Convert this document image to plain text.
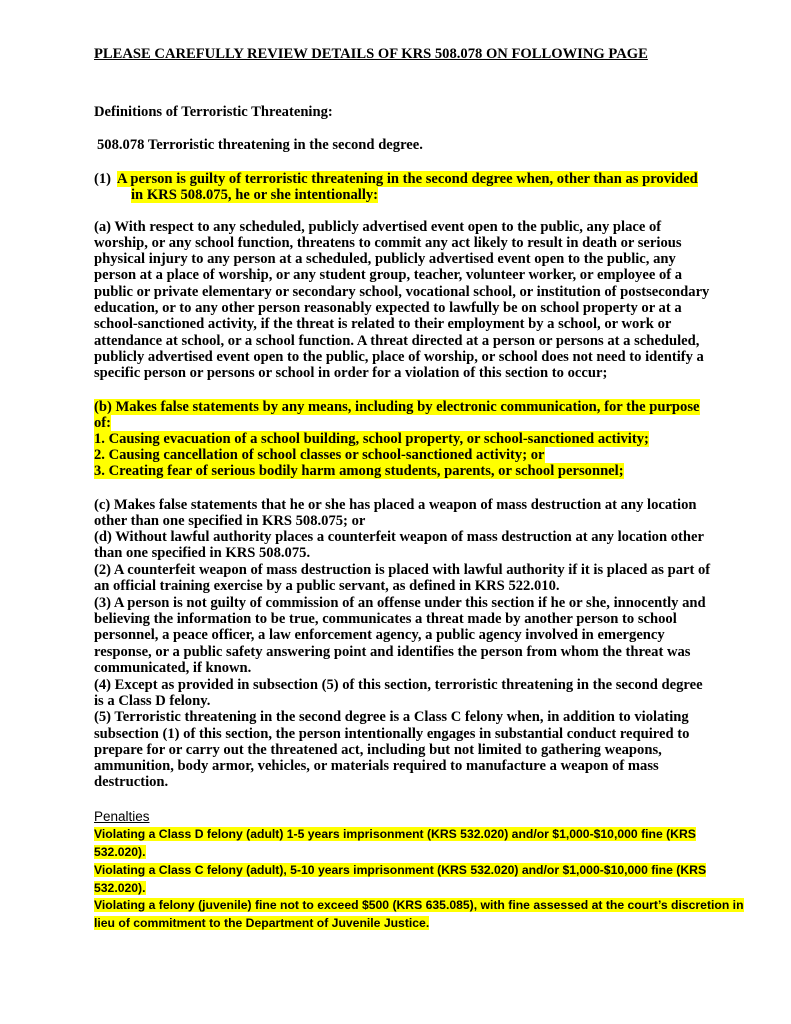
PLEASE CAREFULLY REVIEW DETAILS OF KRS 508.078 ON FOLLOWING PAGE
Definitions of Terroristic Threatening:
508.078 Terroristic threatening in the second degree.
(1) A person is guilty of terroristic threatening in the second degree when, other than as provided
in KRS 508.075, he or she intentionally:
(a) With respect to any scheduled, publicly advertised event open to the public, any place of
worship, or any school function, threatens to commit any act likely to result in death or serious
physical injury to any person at a scheduled, publicly advertised event open to the public, any
person at a place of worship, or any student group, teacher, volunteer worker, or employee of a
public or private elementary or secondary school, vocational school, or institution of postsecondary
education, or to any other person reasonably expected to lawfully be on school property or at a
school-sanctioned activity, if the threat is related to their employment by a school, or work or
attendance at school, or a school function. A threat directed at a person or persons at a scheduled,
publicly advertised event open to the public, place of worship, or school does not need to identify a
specific person or persons or school in order for a violation of this section to occur;
(b) Makes false statements by any means, including by electronic communication, for the purpose
of:
1. Causing evacuation of a school building, school property, or school-sanctioned activity;
2. Causing cancellation of school classes or school-sanctioned activity; or
3. Creating fear of serious bodily harm among students, parents, or school personnel;
(c) Makes false statements that he or she has placed a weapon of mass destruction at any location
other than one specified in KRS 508.075; or
(d) Without lawful authority places a counterfeit weapon of mass destruction at any location other
than one specified in KRS 508.075.
(2) A counterfeit weapon of mass destruction is placed with lawful authority if it is placed as part of
an official training exercise by a public servant, as defined in KRS 522.010.
(3) A person is not guilty of commission of an offense under this section if he or she, innocently and
believing the information to be true, communicates a threat made by another person to school
personnel, a peace officer, a law enforcement agency, a public agency involved in emergency
response, or a public safety answering point and identifies the person from whom the threat was
communicated, if known.
(4) Except as provided in subsection (5) of this section, terroristic threatening in the second degree
is a Class D felony.
(5) Terroristic threatening in the second degree is a Class C felony when, in addition to violating
subsection (1) of this section, the person intentionally engages in substantial conduct required to
prepare for or carry out the threatened act, including but not limited to gathering weapons,
ammunition, body armor, vehicles, or materials required to manufacture a weapon of mass
destruction.
Penalties
Violating a Class D felony (adult) 1-5 years imprisonment (KRS 532.020) and/or $1,000-$10,000 fine (KRS
532.020).
Violating a Class C felony (adult), 5-10 years imprisonment (KRS 532.020) and/or $1,000-$10,000 fine (KRS
532.020).
Violating a felony (juvenile) fine not to exceed $500 (KRS 635.085), with fine assessed at the court’s discretion in
lieu of commitment to the Department of Juvenile Justice.
